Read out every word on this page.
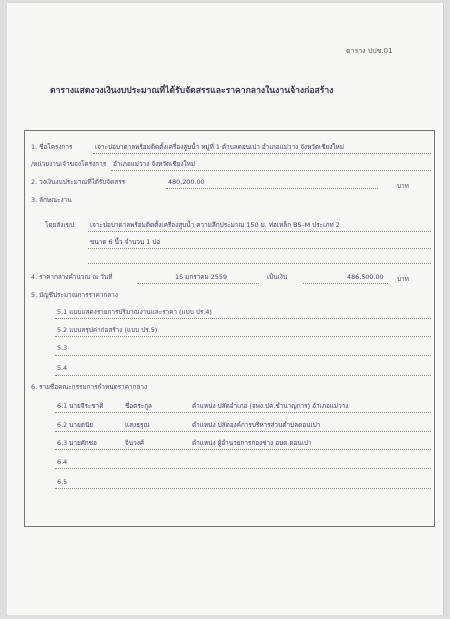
ตาราง ปปช.01
ตารางแสดงวงเงินงบประมาณที่ได้รับจัดสรรและราคากลางในงานจ้างก่อสร้าง
1. ชื่อโครงการ	เจาะบ่อบาดาลพร้อมติดตั้งเครื่องสูบน้ำ หมู่ที่ 1 ตำบลดอนเปา อำเภอแม่วาง จังหวัดเชียงใหม่
/หน่วยงานเจ้าของโครงการ อำเภอแม่วาง จังหวัดเชียงใหม่
2. วงเงินงบประมาณที่ได้รับจัดสรร	480,200.00	บาท
3. ลักษณะงาน
โดยสังเขป	เจาะบ่อบาดาลพร้อมติดตั้งเครื่องสูบน้ำ ความลึกประมาณ 150 ม. ท่อเหล็ก BS–M ประเภท 2
ขนาด 6 นิ้ว จำนวน 1 บ่อ
4. ราคากลางคำนวณ ณ วันที่	15 มกราคม 2559	เป็นเงิน	486,500.00 บาท
5. บัญชีประมาณการราคากลาง
5.1 แบบแสดงรายการปริมาณงานและราคา (แบบ ปร.4)
5.2 แบบสรุปค่าก่อสร้าง (แบบ ปร.5)
5.3
5.4
6. รายชื่อคณะกรรมการกำหนดราคากลาง
6.1 นายจีระชาติ	ชื่อตระกูล	ตำแหน่ง ปลัดอำเภอ (จพง.ปค.ชำนาญการ) อำเภอแม่วาง
6.2 นายดนัย	แสงธรุณ	ตำแหน่ง ปลัดองค์การบริหารส่วนตำบลดอนเปา
6.3 นายศักชอ	จินวงศ์	ตำแหน่ง ผู้อำนวยการกองช่าง อบต.ดอนเปา
6.4
6.5
